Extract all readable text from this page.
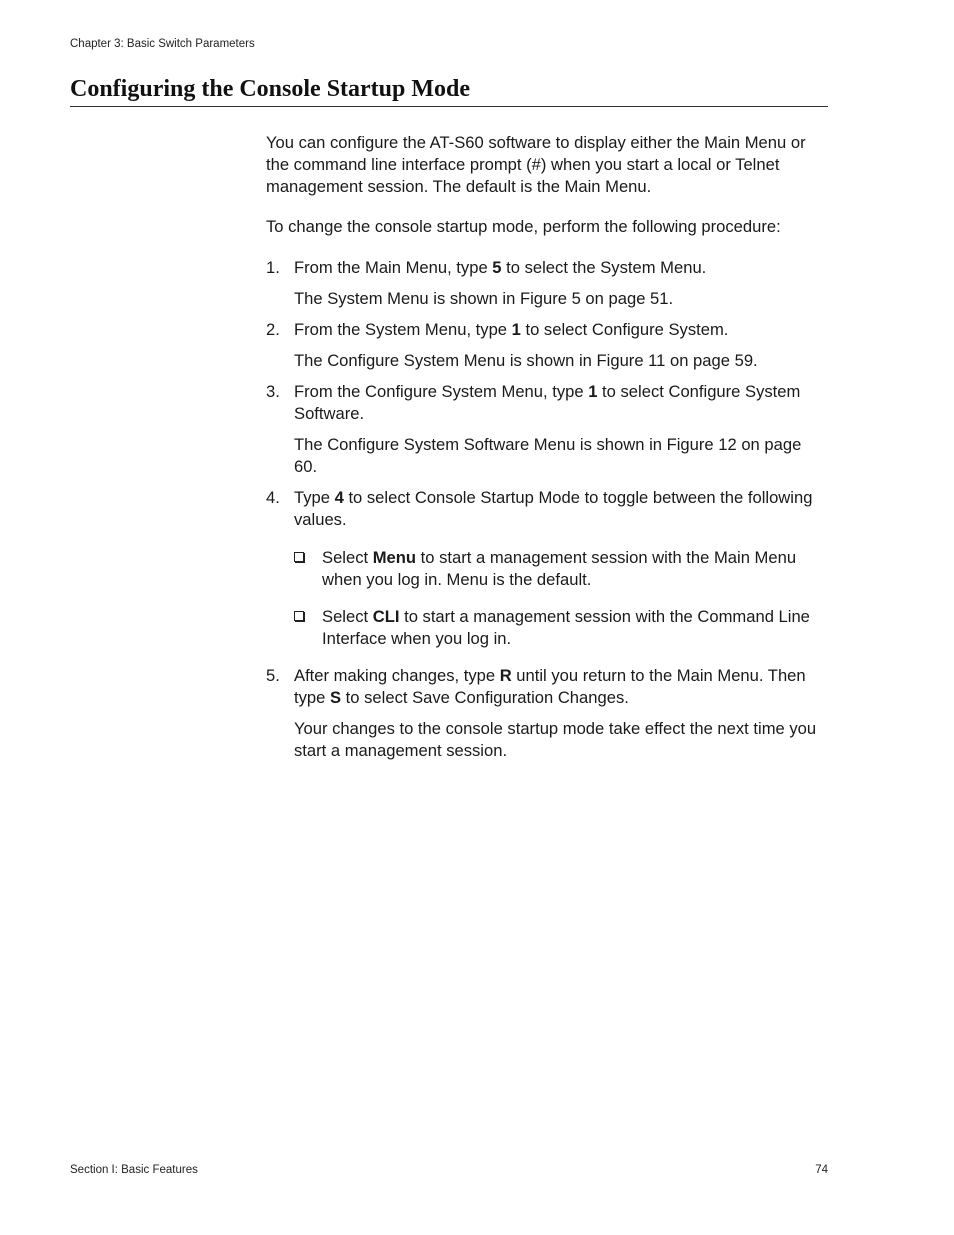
Chapter 3: Basic Switch Parameters
Configuring the Console Startup Mode

You can configure the AT-S60 software to display either the Main Menu or the command line interface prompt (#) when you start a local or Telnet management session. The default is the Main Menu.

To change the console startup mode, perform the following procedure:

1. From the Main Menu, type 5 to select the System Menu.

The System Menu is shown in Figure 5 on page 51.

2. From the System Menu, type 1 to select Configure System.

The Configure System Menu is shown in Figure 11 on page 59.

3. From the Configure System Menu, type 1 to select Configure System Software.

The Configure System Software Menu is shown in Figure 12 on page 60.

4. Type 4 to select Console Startup Mode to toggle between the following values.

Select Menu to start a management session with the Main Menu when you log in. Menu is the default.
Select CLI to start a management session with the Command Line Interface when you log in.
5. After making changes, type R until you return to the Main Menu. Then type S to select Save Configuration Changes.

Your changes to the console startup mode take effect the next time you start a management session.

Section I: Basic Features	74
